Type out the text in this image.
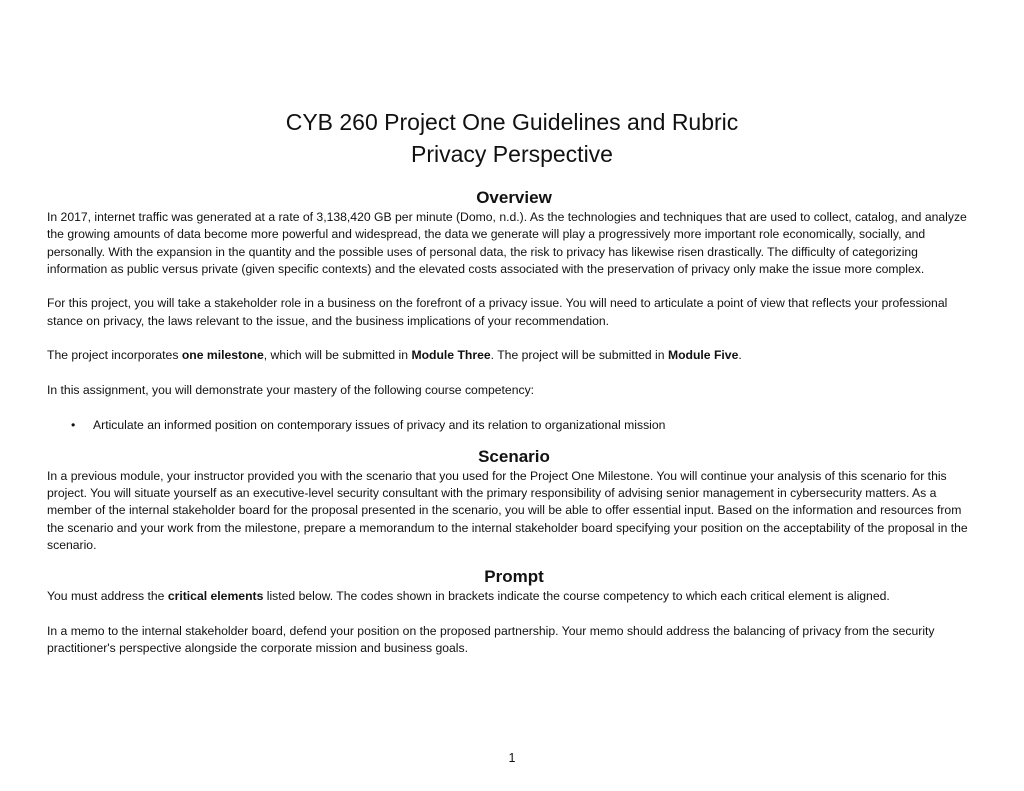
CYB 260 Project One Guidelines and Rubric
Privacy Perspective
Overview

In 2017, internet traffic was generated at a rate of 3,138,420 GB per minute (Domo, n.d.). As the technologies and techniques that are used to collect, catalog, and analyze the growing amounts of data become more powerful and widespread, the data we generate will play a progressively more important role economically, socially, and personally. With the expansion in the quantity and the possible uses of personal data, the risk to privacy has likewise risen drastically. The difficulty of categorizing information as public versus private (given specific contexts) and the elevated costs associated with the preservation of privacy only make the issue more complex.

For this project, you will take a stakeholder role in a business on the forefront of a privacy issue. You will need to articulate a point of view that reflects your professional stance on privacy, the laws relevant to the issue, and the business implications of your recommendation.

The project incorporates one milestone, which will be submitted in Module Three. The project will be submitted in Module Five.

In this assignment, you will demonstrate your mastery of the following course competency:

• Articulate an informed position on contemporary issues of privacy and its relation to organizational mission
Scenario

In a previous module, your instructor provided you with the scenario that you used for the Project One Milestone. You will continue your analysis of this scenario for this project. You will situate yourself as an executive-level security consultant with the primary responsibility of advising senior management in cybersecurity matters. As a member of the internal stakeholder board for the proposal presented in the scenario, you will be able to offer essential input. Based on the information and resources from the scenario and your work from the milestone, prepare a memorandum to the internal stakeholder board specifying your position on the acceptability of the proposal in the scenario.

Prompt

You must address the critical elements listed below. The codes shown in brackets indicate the course competency to which each critical element is aligned.

In a memo to the internal stakeholder board, defend your position on the proposed partnership. Your memo should address the balancing of privacy from the security practitioner's perspective alongside the corporate mission and business goals.

1
